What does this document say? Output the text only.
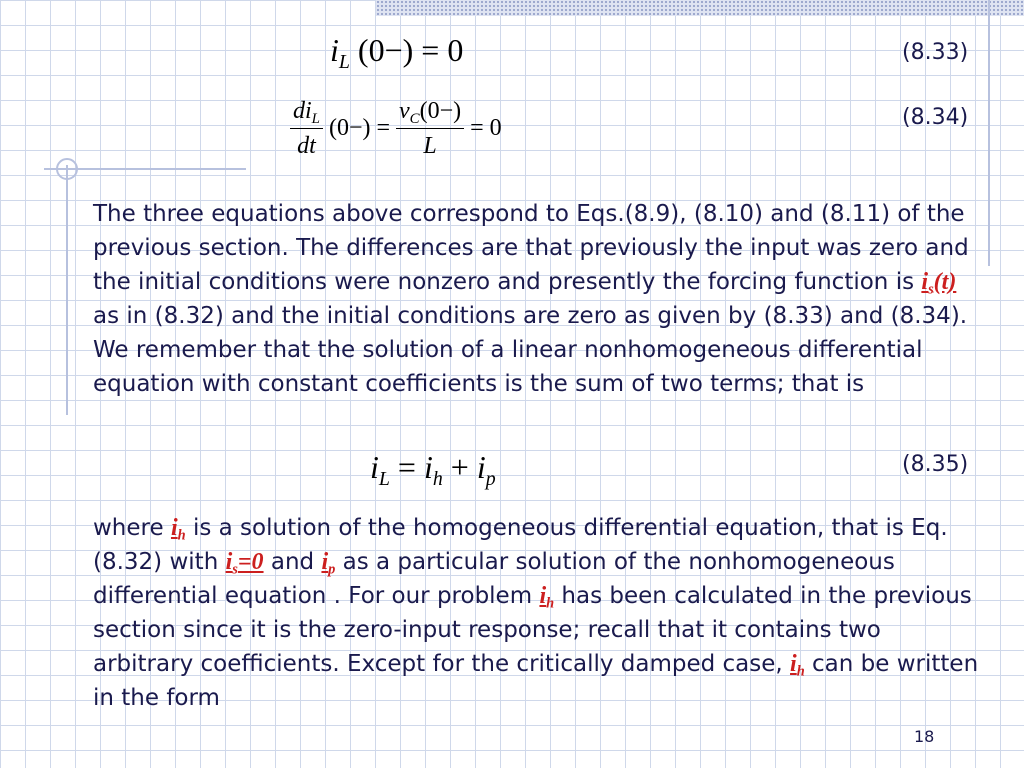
$i_L$ (0−) = 0	(8.33)
$\frac{di_L}{dt} (0-) = \frac{v_C(0-)}{L} = 0$	(8.34)

The three equations above correspond to Eqs.(8.9), (8.10) and (8.11) of the previous section. The differences are that previously the input was zero and the initial conditions were nonzero and presently the forcing function is $i_s(t)$ as in (8.32) and the initial conditions are zero as given by (8.33) and (8.34). We remember that the solution of a linear nonhomogeneous differential equation with constant coefficients is the sum of two terms; that is

$i_L = i_h + i_p$
(8.35)

where $i_h$ is a solution of the homogeneous differential equation, that is Eq. (8.32) with $i_s=0$ and $i_p$ as a particular solution of the nonhomogeneous differential equation . For our problem $i_h$ has been calculated in the previous section since it is the zero-input response; recall that it contains two arbitrary coefficients. Except for the critically damped case, $i_h$ can be written in the form

18
